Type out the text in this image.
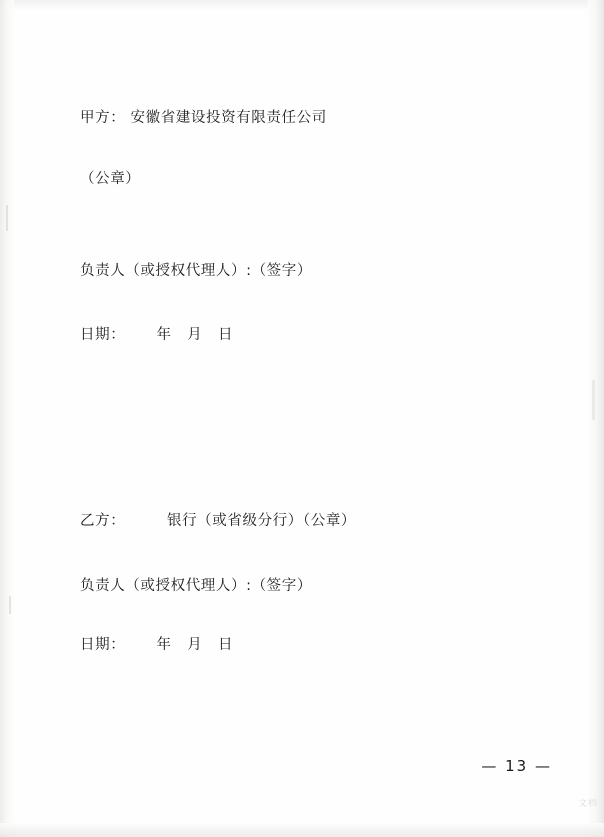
甲方： 安徽省建设投资有限责任公司
（公章）
负责人（或授权代理人）:（签字）
日期：      年   月   日
乙方：        银行（或省级分行）（公章）
负责人（或授权代理人）:（签字）
日期：      年   月   日
— 13 —
文档
